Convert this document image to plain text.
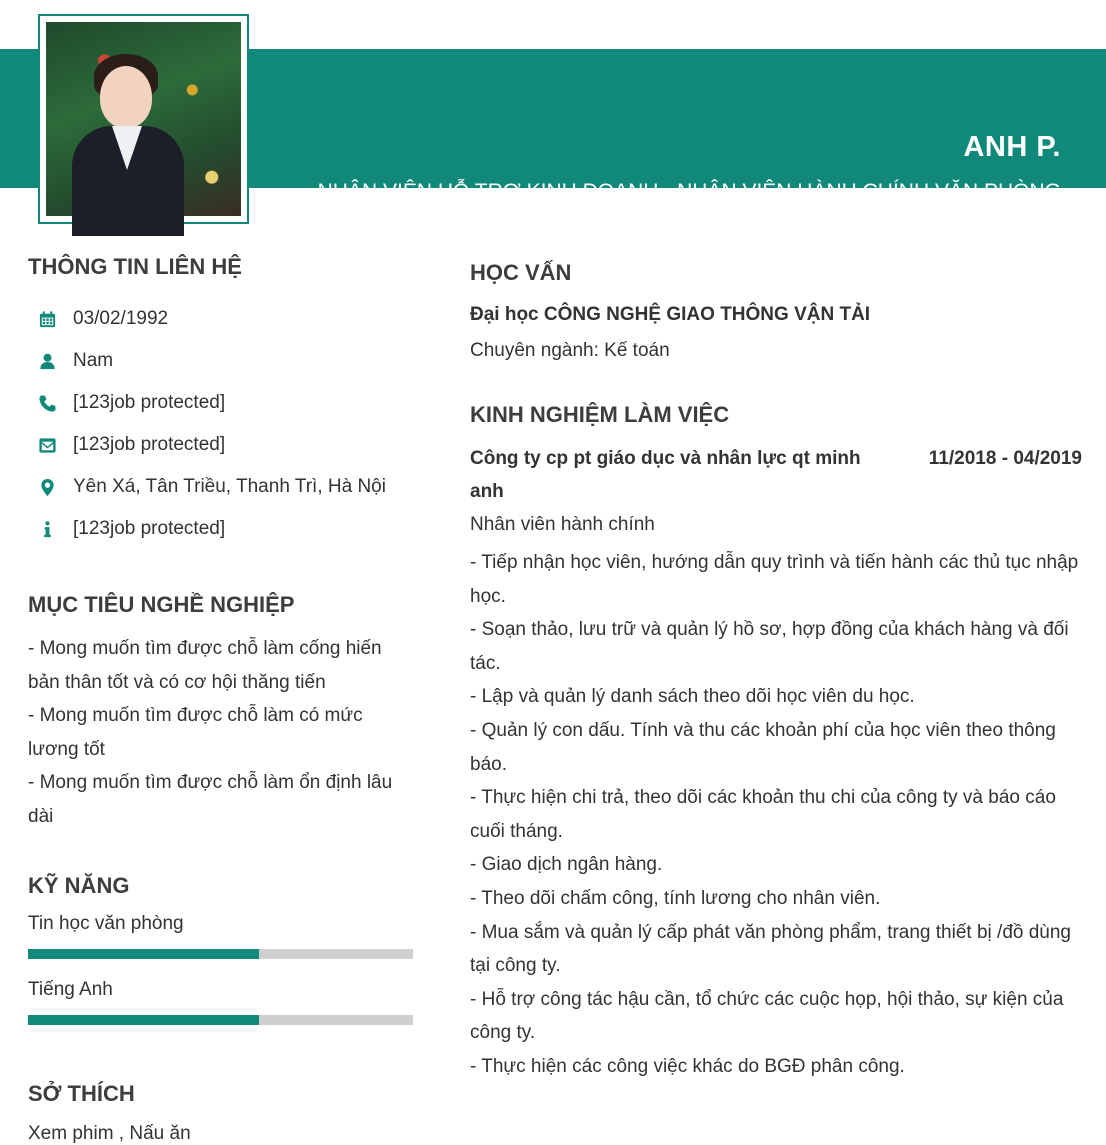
ANH P.
NHÂN VIÊN HỖ TRỢ KINH DOANH - NHÂN VIÊN HÀNH CHÍNH VĂN PHÒNG
THÔNG TIN LIÊN HỆ
03/02/1992
Nam
[123job protected]
[123job protected]
Yên Xá, Tân Triều, Thanh Trì, Hà Nội
[123job protected]
MỤC TIÊU NGHỀ NGHIỆP
- Mong muốn tìm được chỗ làm cống hiến bản thân tốt và có cơ hội thăng tiến
- Mong muốn tìm được chỗ làm có mức lương tốt
- Mong muốn tìm được chỗ làm ổn định lâu dài
KỸ NĂNG
Tin học văn phòng
Tiếng Anh
SỞ THÍCH
Xem phim , Nấu ăn
HỌC VẤN
Đại học CÔNG NGHỆ GIAO THÔNG VẬN TẢI
Chuyên ngành: Kế toán
KINH NGHIỆM LÀM VIỆC
Công ty cp pt giáo dục và nhân lực qt minh anh
11/2018 - 04/2019
Nhân viên hành chính
- Tiếp nhận học viên, hướng dẫn quy trình và tiến hành các thủ tục nhập học.
- Soạn thảo, lưu trữ và quản lý hồ sơ, hợp đồng của khách hàng và đối tác.
- Lập và quản lý danh sách theo dõi học viên du học.
- Quản lý con dấu. Tính và thu các khoản phí của học viên theo thông báo.
- Thực hiện chi trả, theo dõi các khoản thu chi của công ty và báo cáo cuối tháng.
- Giao dịch ngân hàng.
- Theo dõi chấm công, tính lương cho nhân viên.
- Mua sắm và quản lý cấp phát văn phòng phẩm, trang thiết bị /đồ dùng tại công ty.
- Hỗ trợ công tác hậu cần, tổ chức các cuộc họp, hội thảo, sự kiện của công ty.
- Thực hiện các công việc khác do BGĐ phân công.
